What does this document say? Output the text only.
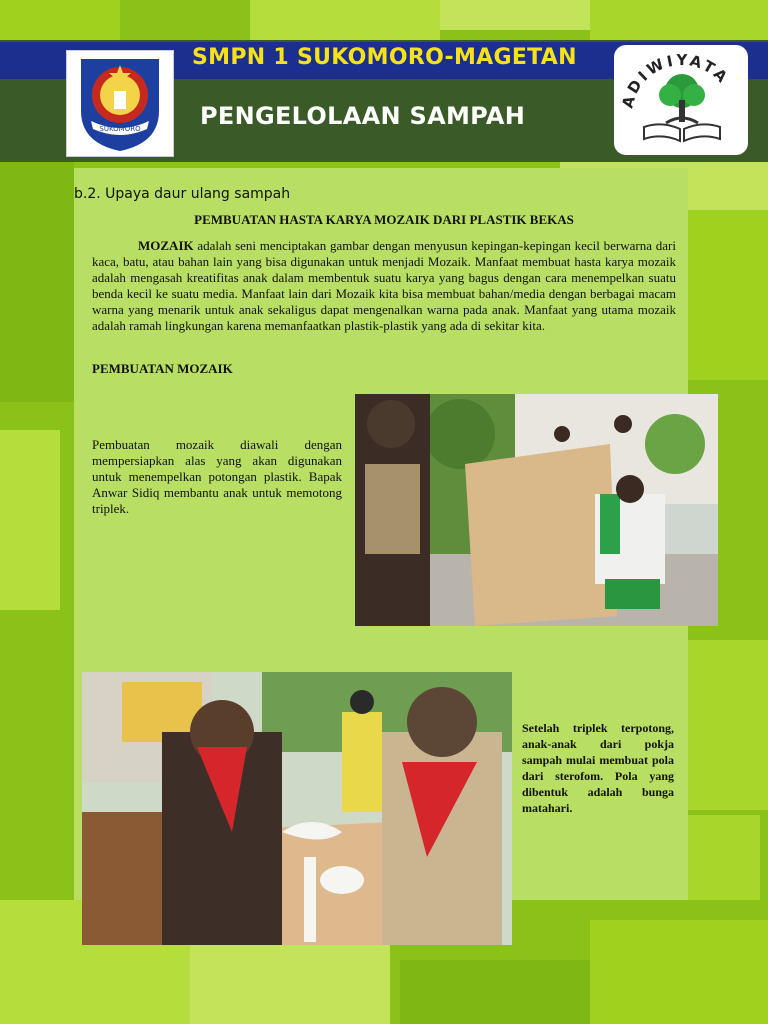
SMPN 1 SUKOMORO-MAGETAN
PENGELOLAAN SAMPAH
SUKOMORO
ADIWIYATA
b.2. Upaya daur ulang sampah
PEMBUATAN HASTA KARYA MOZAIK DARI PLASTIK BEKAS
MOZAIK adalah seni menciptakan gambar dengan menyusun kepingan-kepingan kecil berwarna dari kaca, batu, atau bahan lain yang bisa digunakan untuk menjadi Mozaik. Manfaat membuat hasta karya mozaik adalah mengasah kreatifitas anak dalam membentuk suatu karya yang bagus dengan cara menempelkan suatu benda kecil ke suatu media. Manfaat lain dari Mozaik kita bisa membuat bahan/media dengan berbagai macam warna yang menarik untuk anak sekaligus dapat mengenalkan warna pada anak. Manfaat yang utama mozaik adalah ramah lingkungan karena memanfaatkan plastik-plastik yang ada di sekitar kita.
PEMBUATAN MOZAIK
Pembuatan mozaik diawali dengan mempersiapkan alas yang akan digunakan untuk menempelkan potongan plastik. Bapak Anwar Sidiq membantu anak untuk memotong triplek.
Setelah triplek terpotong, anak-anak dari pokja sampah mulai membuat pola dari sterofom. Pola yang dibentuk adalah bunga matahari.
